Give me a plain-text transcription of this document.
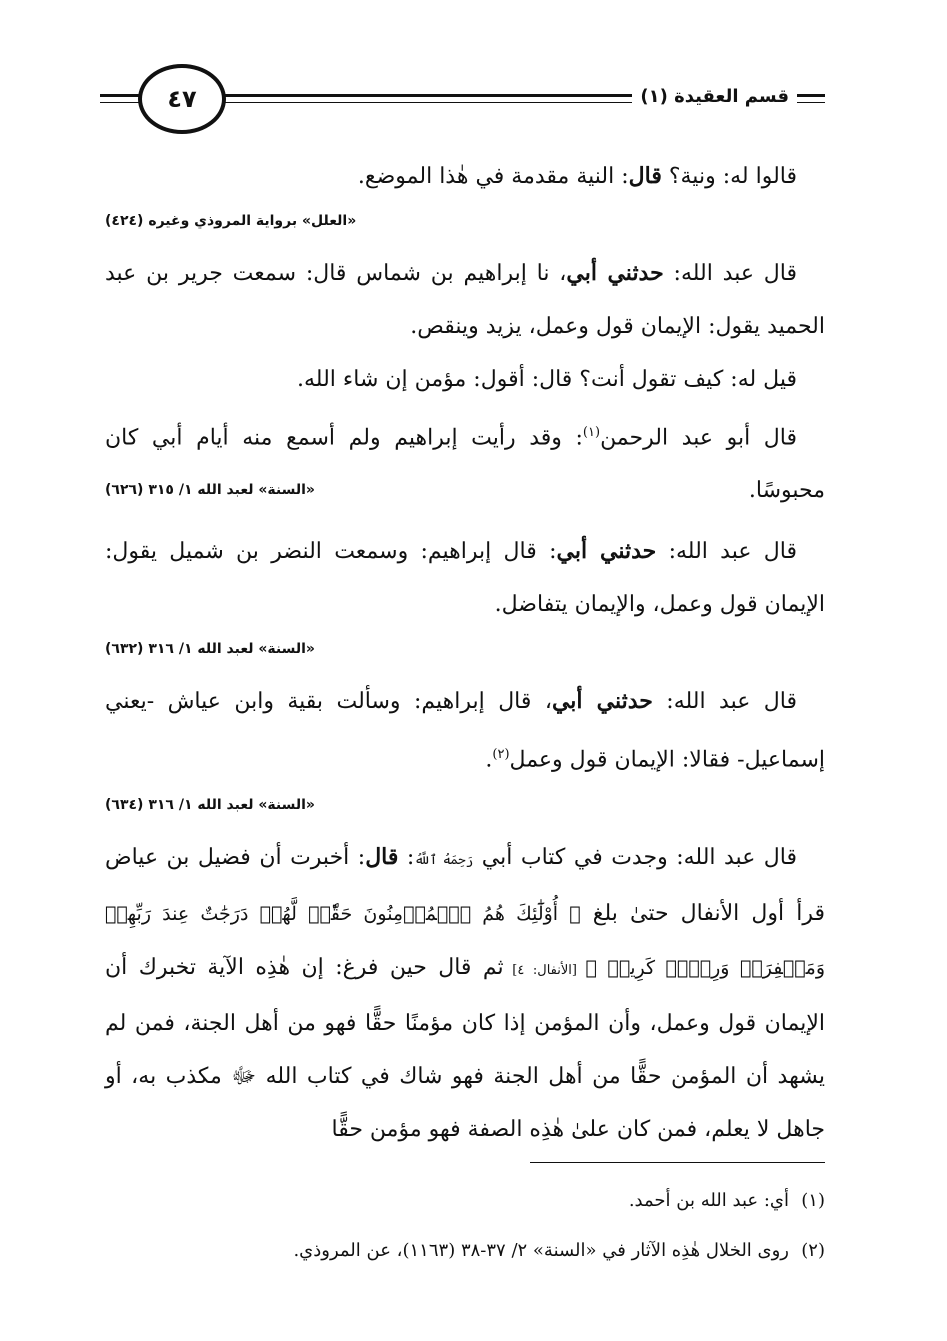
٤٧	قسم العقيدة (١)

قالوا له: ونية؟ قال: النية مقدمة في هٰذا الموضع.

«العلل» برواية المروذي وغيره (٤٢٤)

قال عبد الله: حدثني أبي، نا إبراهيم بن شماس قال: سمعت جرير بن عبد الحميد يقول: الإيمان قول وعمل، يزيد وينقص.

قيل له: كيف تقول أنت؟ قال: أقول: مؤمن إن شاء الله.

قال أبو عبد الرحمن$^{(١)}$: وقد رأيت إبراهيم ولم أسمع منه أيام أبي كان محبوسًا.
«السنة» لعبد الله ١/ ٣١٥ (٦٢٦)

قال عبد الله: حدثني أبي: قال إبراهيم: وسمعت النضر بن شميل يقول: الإيمان قول وعمل، والإيمان يتفاضل.

«السنة» لعبد الله ١/ ٣١٦ (٦٣٢)

قال عبد الله: حدثني أبي، قال إبراهيم: وسألت بقية وابن عياش -يعني إسماعيل- فقالا: الإيمان قول وعمل$^{(٢)}$.

«السنة» لعبد الله ١/ ٣١٦ (٦٣٤)

قال عبد الله: وجدت في كتاب أبي رَحِمَهُ ٱللَّهُ: قال: أخبرت أن فضيل بن عياض قرأ أول الأنفال حتىٰ بلغ ﴿ أُوْلَٰٓئِكَ هُمُ ٱلۡمُؤۡمِنُونَ حَقّٗاۚ لَّهُمۡ دَرَجَٰتٌ عِندَ رَبِّهِمۡ وَمَغۡفِرَةٞ وَرِزۡقٞ كَرِيمٞ ﴾ [الأنفال: ٤] ثم قال حين فرغ: إن هٰذِه الآية تخبرك أن الإيمان قول وعمل، وأن المؤمن إذا كان مؤمنًا حقًّا فهو من أهل الجنة، فمن لم يشهد أن المؤمن حقًّا من أهل الجنة فهو شاك في كتاب الله ﷻ مكذب به، أو جاهل لا يعلم، فمن كان علىٰ هٰذِه الصفة فهو مؤمن حقًّا

(١)أي: عبد الله بن أحمد.

(٢)روى الخلال هٰذِه الآثار في «السنة» ٢/ ٣٧-٣٨ (١١٦٣)، عن المروذي.
